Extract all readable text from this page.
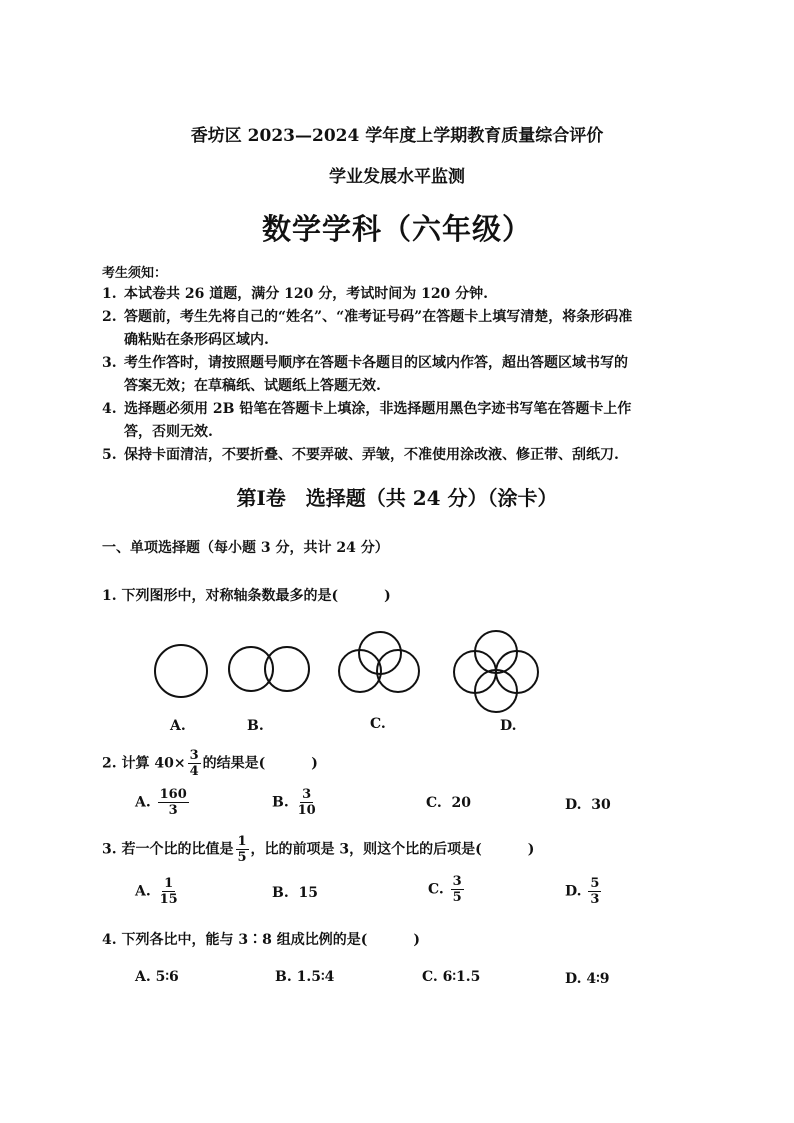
香坊区 2023—2024 学年度上学期教育质量综合评价
学业发展水平监测
数学学科（六年级）
考生须知：
1. 本试卷共 26 道题，满分 120 分，考试时间为 120 分钟.
2. 答题前，考生先将自己的“姓名”、“准考证号码”在答题卡上填写清楚，将条形码准
确粘贴在条形码区域内.
3. 考生作答时，请按照题号顺序在答题卡各题目的区域内作答，超出答题区域书写的
答案无效；在草稿纸、试题纸上答题无效.
4. 选择题必须用 2B 铅笔在答题卡上填涂，非选择题用黑色字迹书写笔在答题卡上作
答，否则无效.
5. 保持卡面清洁，不要折叠、不要弄破、弄皱，不准使用涂改液、修正带、刮纸刀.
第Ⅰ卷　选择题（共 24 分）（涂卡）
一、单项选择题（每小题 3 分，共计 24 分）
1. 下列图形中，对称轴条数最多的是(	)
A.	B.	C.	D.
2. 计算 $40\times \frac{3}{4}$ 的结果是(	)
A. $\frac{160}{3}$	B. $\frac{3}{10}$	C. 20	D. 30
3. 若一个比的比值是 $\frac{1}{5}$ ，比的前项是 3，则这个比的后项是(	)
A. $\frac{1}{15}$	B. 15	C. $\frac{3}{5}$	D. $\frac{5}{3}$
4. 下列各比中，能与 3∶8 组成比例的是(	)
A. 5∶6	B. 1.5∶4	C. 6∶1.5	D. 4∶9
